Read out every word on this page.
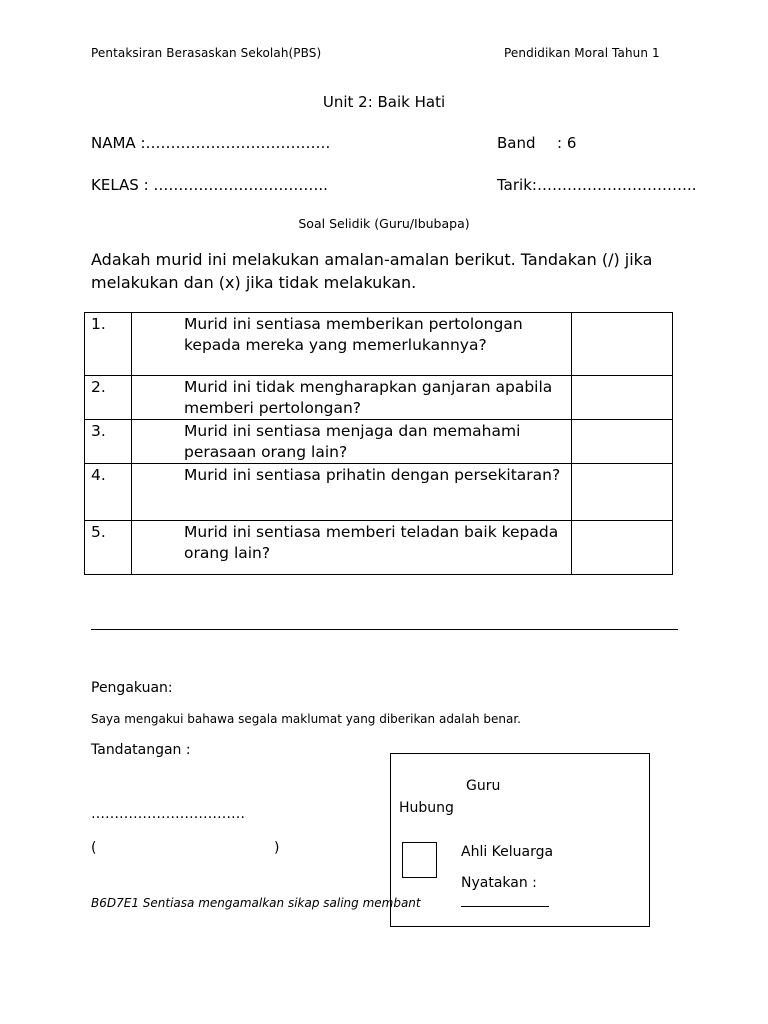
Pentaksiran Berasaskan Sekolah(PBS)	Pendidikan Moral Tahun 1
Unit 2: Baik Hati
NAMA :……………………………….	Band : 6
KELAS : ……………………………..	Tarik:…………………………..
Soal Selidik (Guru/Ibubapa)
Adakah murid ini melakukan amalan-amalan berikut. Tandakan (/) jika melakukan dan (x) jika tidak melakukan.
1.	Murid ini sentiasa memberikan pertolongan kepada mereka yang memerlukannya?	
2.	Murid ini tidak mengharapkan ganjaran apabila memberi pertolongan?	
3.	Murid ini sentiasa menjaga dan memahami perasaan orang lain?	
4.	Murid ini sentiasa prihatin dengan persekitaran?	
5.	Murid ini sentiasa memberi teladan baik kepada orang lain?	
Pengakuan:
Saya mengakui bahawa segala maklumat yang diberikan adalah benar.
Tandatangan :
……………………………
(	)
B6D7E1 Sentiasa mengamalkan sikap saling membant
Guru
Hubung
Ahli Keluarga
Nyatakan :
